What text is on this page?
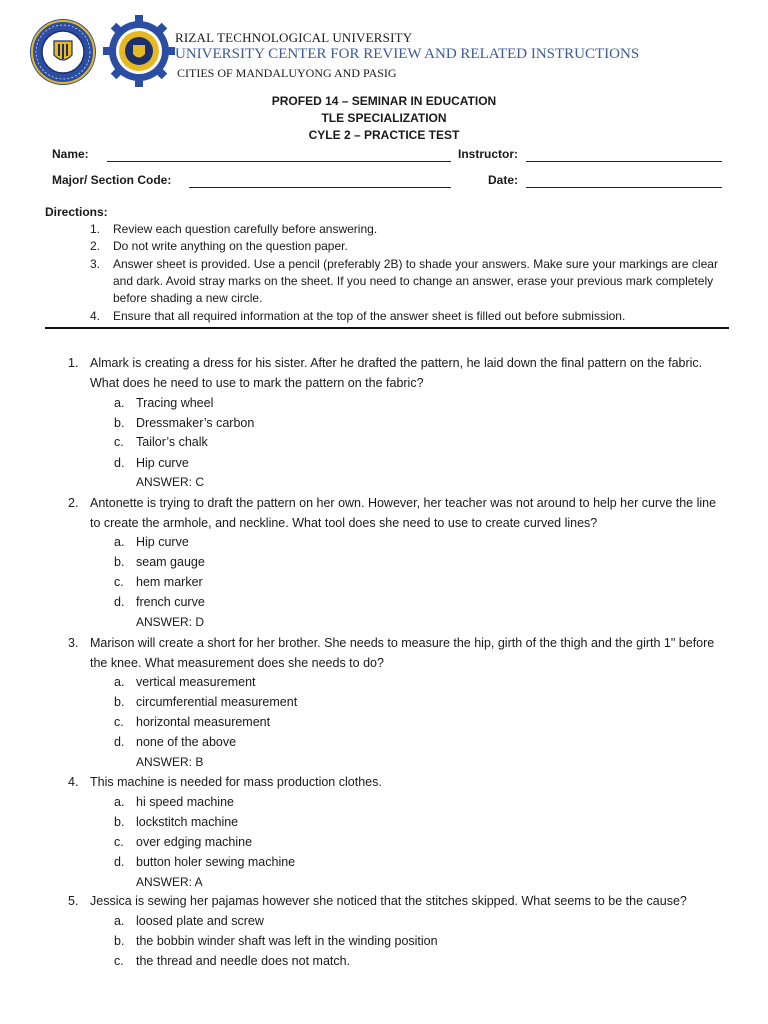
RIZAL TECHNOLOGICAL UNIVERSITY
UNIVERSITY CENTER FOR REVIEW AND RELATED INSTRUCTIONS
CITIES OF MANDALUYONG AND PASIG
PROFED 14 – SEMINAR IN EDUCATION
TLE SPECIALIZATION
CYLE 2 – PRACTICE TEST
Name:	Instructor:
Major/ Section Code:	Date:
Directions:
1.	Review each question carefully before answering.
2.	Do not write anything on the question paper.
3.	Answer sheet is provided. Use a pencil (preferably 2B) to shade your answers. Make sure your markings are clear and dark. Avoid stray marks on the sheet. If you need to change an answer, erase your previous mark completely before shading a new circle.
4.	Ensure that all required information at the top of the answer sheet is filled out before submission.
1. Almark is creating a dress for his sister. After he drafted the pattern, he laid down the final pattern on the fabric. What does he need to use to mark the pattern on the fabric?
a. Tracing wheel
b. Dressmaker’s carbon
c. Tailor’s chalk
d. Hip curve
ANSWER: C
2. Antonette is trying to draft the pattern on her own. However, her teacher was not around to help her curve the line to create the armhole, and neckline. What tool does she need to use to create curved lines?
a. Hip curve
b. seam gauge
c. hem marker
d. french curve
ANSWER: D
3. Marison will create a short for her brother. She needs to measure the hip, girth of the thigh and the girth 1" before the knee. What measurement does she needs to do?
a. vertical measurement
b. circumferential measurement
c. horizontal measurement
d. none of the above
ANSWER: B
4. This machine is needed for mass production clothes.
a. hi speed machine
b. lockstitch machine
c. over edging machine
d. button holer sewing machine
ANSWER: A
5. Jessica is sewing her pajamas however she noticed that the stitches skipped. What seems to be the cause?
a. loosed plate and screw
b. the bobbin winder shaft was left in the winding position
c. the thread and needle does not match.
